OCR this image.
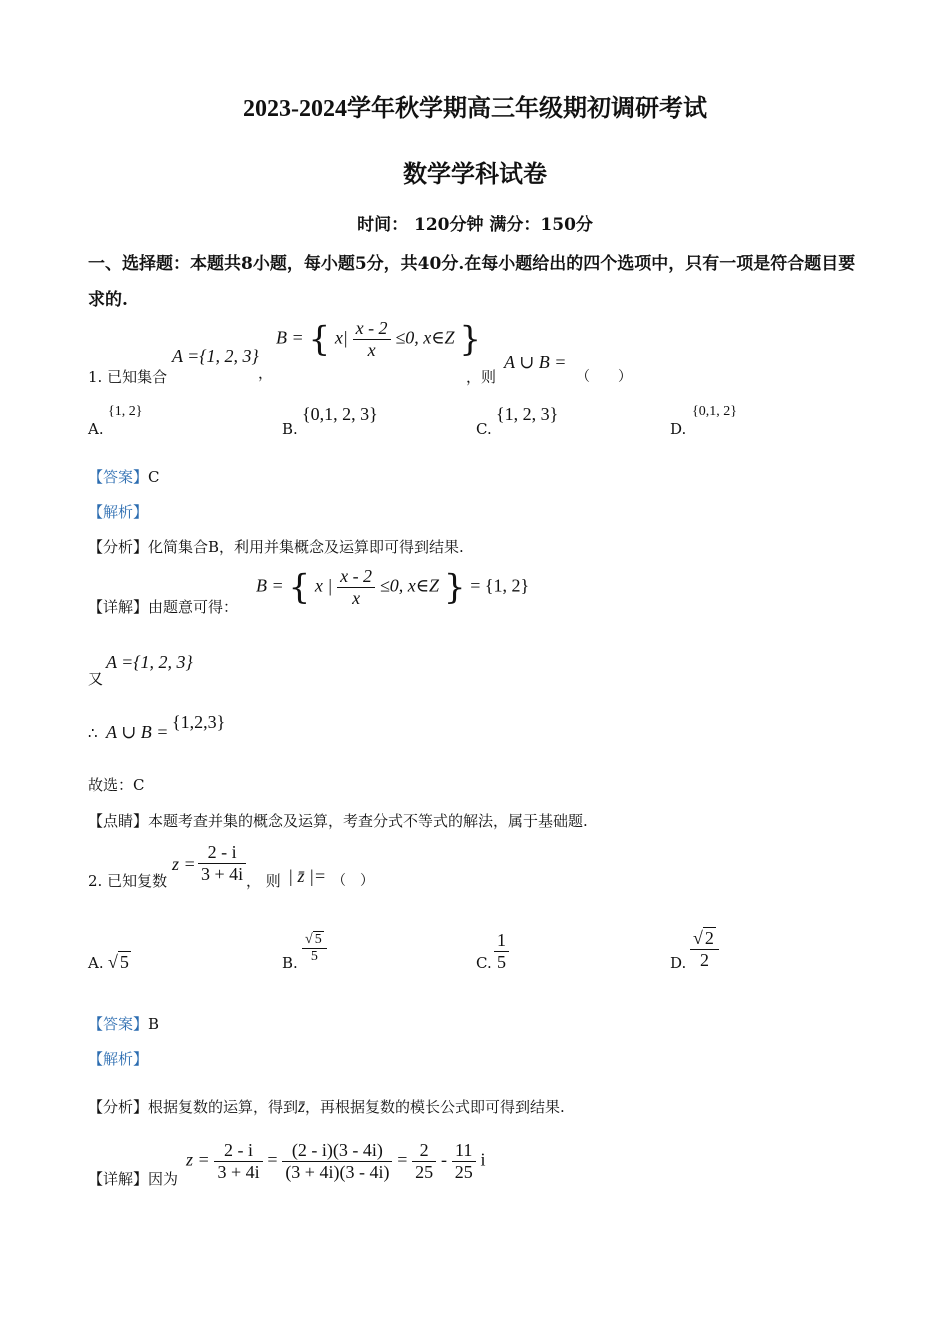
2023-2024学年秋学期高三年级期初调研考试
数学学科试卷
时间： 120分钟 满分：150分
一、选择题：本题共8小题，每小题5分，共40分.在每小题给出的四个选项中，只有一项是符合题目要求的.
1. 已知集合
A ={1, 2, 3}
，
B = { $x| \frac{x - 2}{x} \le 0$, x∈Z }
，则
A ∪ B =
（　　）
A.
{1, 2}
B.
{0,1, 2, 3}
C.
{1, 2, 3}
D.
{0,1, 2}
【答案】C
【解析】
【分析】化简集合B，利用并集概念及运算即可得到结果.
【详解】由题意可得：
B = { x | $\frac{x - 2}{x} \le 0$, x∈Z } = {1, 2}
又
A ={1, 2, 3}
∴ A ∪ B = {1,2,3}
故选：C
【点睛】本题考查并集的概念及运算，考查分式不等式的解法，属于基础题.
2. 已知复数
$z = \frac{2 - i}{3 + 4i}$ ， 则 | z̄ |= （　）
A. √ 5	B. $\frac{√ 5}{5}$	C. $\frac{1}{5}$	D. $\frac{√ 2}{2}$
【答案】B
【解析】
【分析】根据复数的运算，得到z̄，再根据复数的模长公式即可得到结果.
【详解】因为
$z = \frac{2 - i}{3 + 4i} = \frac{(2 - i)(3 - 4i)}{(3 + 4i)(3 - 4i)} = \frac{2}{25} - \frac{11}{25}$ i
